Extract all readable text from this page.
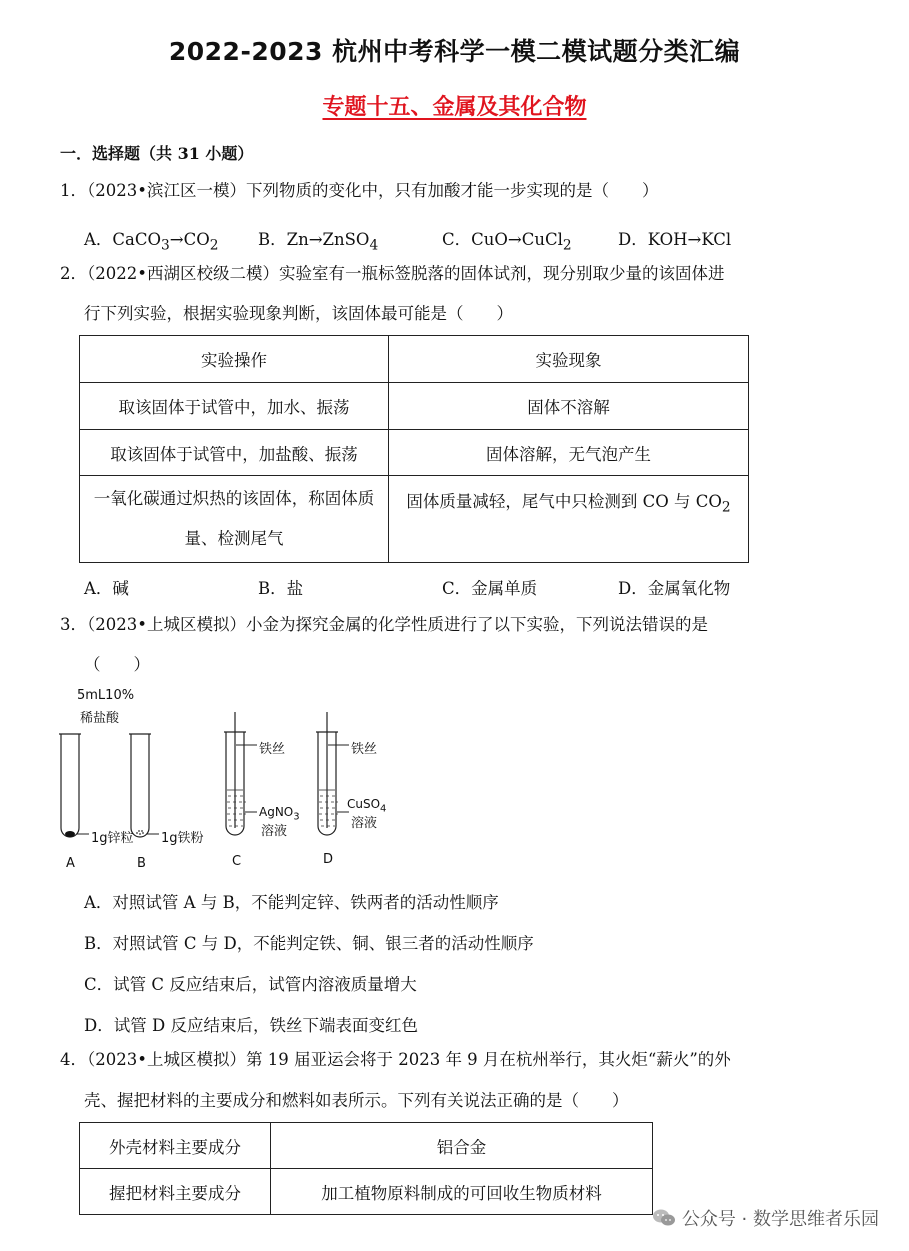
2022-2023 杭州中考科学一模二模试题分类汇编
专题十五、金属及其化合物
一．选择题（共 31 小题）
1．（2023•滨江区一模）下列物质的变化中，只有加酸才能一步实现的是（　　）
A．$CaCO_3\to CO_2$ B．Zn→ZnSO$_4$	C．CuO→CuCl$_2$	D．KOH→KCl
2．（2022•西湖区校级二模）实验室有一瓶标签脱落的固体试剂，现分别取少量的该固体进
行下列实验，根据实验现象判断，该固体最可能是（　　）
实验操作	实验现象
取该固体于试管中，加水、振荡	固体不溶解
取该固体于试管中，加盐酸、振荡	固体溶解，无气泡产生

一氧化碳通过炽热的该固体，称固体质
量、检测尾气	固体质量减轻，尾气中只检测到 CO 与 $CO_2$
A．碱	B．盐	C．金属单质	D．金属氧化物
3．（2023•上城区模拟）小金为探究金属的化学性质进行了以下实验，下列说法错误的是
（　　）
5mL10%
稀盐酸
1g锌粒 1g铁粉
铁丝	铁丝
AgNO$_3$
溶液
CuSO$_4$
溶液
A	B	C	D
A．对照试管 A 与 B，不能判定锌、铁两者的活动性顺序
B．对照试管 C 与 D，不能判定铁、铜、银三者的活动性顺序
C．试管 C 反应结束后，试管内溶液质量增大
D．试管 D 反应结束后，铁丝下端表面变红色
4．（2023•上城区模拟）第 19 届亚运会将于 2023 年 9 月在杭州举行，其火炬“薪火”的外
壳、握把材料的主要成分和燃料如表所示。下列有关说法正确的是（　　）
外壳材料主要成分	铝合金
握把材料主要成分	加工植物原料制成的可回收生物质材料
公众号 · 数学思维者乐园
